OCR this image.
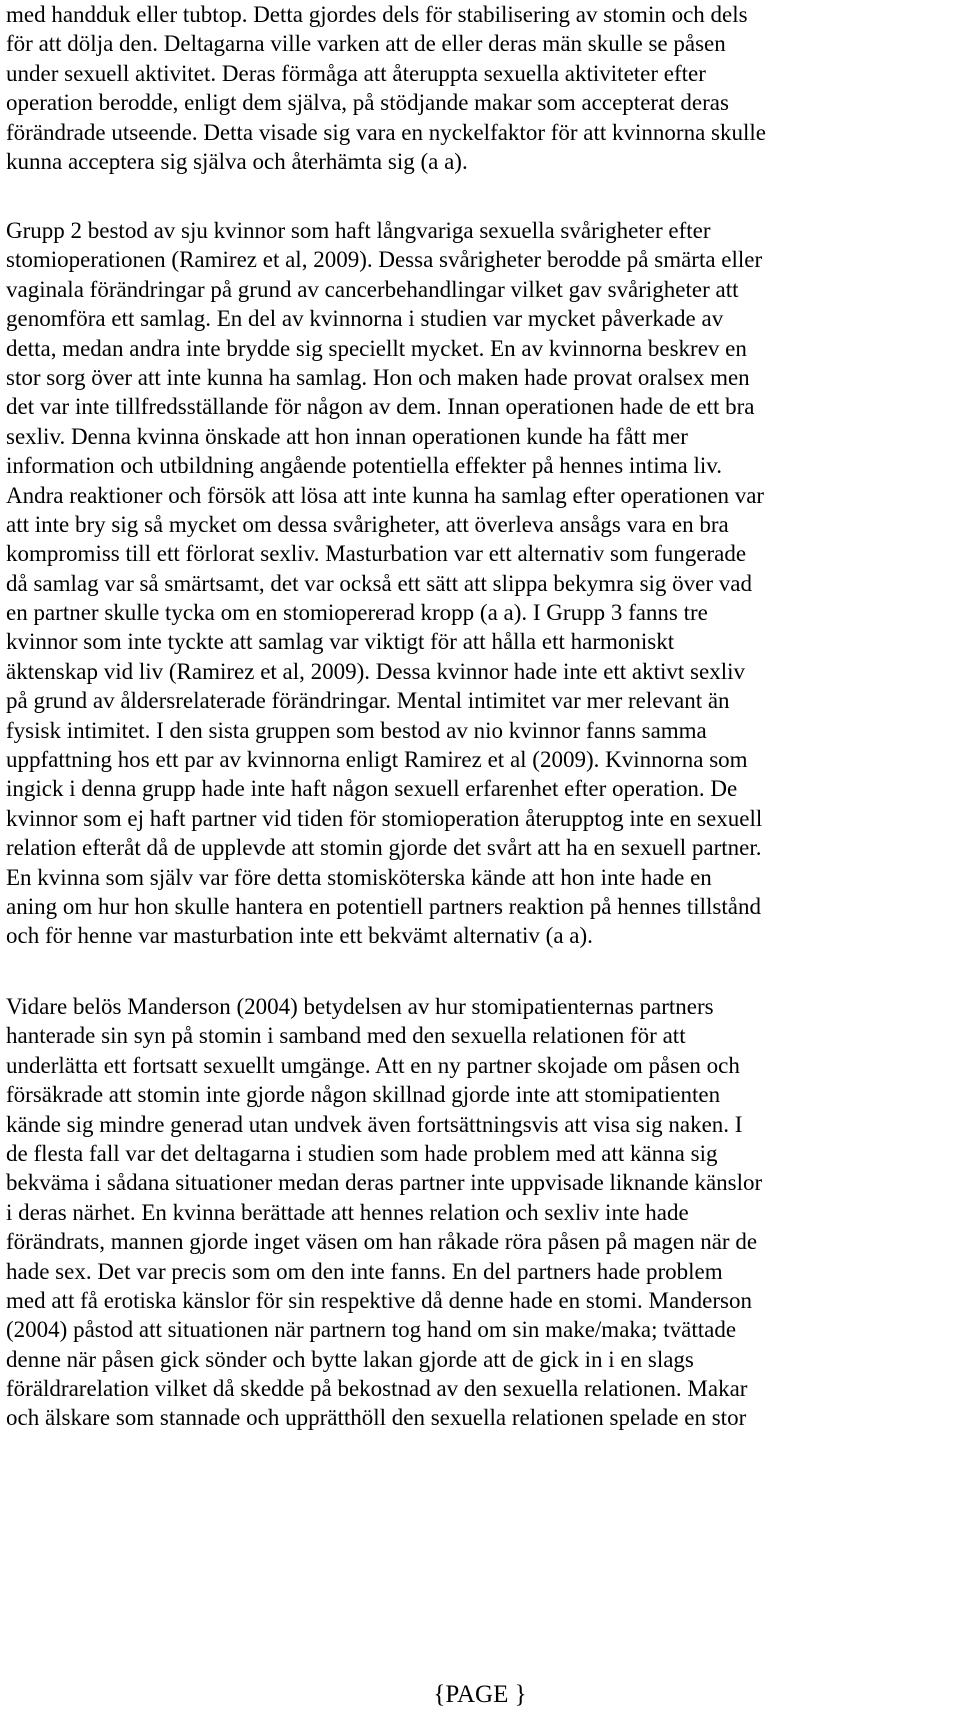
med handduk eller tubtop. Detta gjordes dels för stabilisering av stomin och dels
för att dölja den. Deltagarna ville varken att de eller deras män skulle se påsen
under sexuell aktivitet. Deras förmåga att återuppta sexuella aktiviteter efter
operation berodde, enligt dem själva, på stödjande makar som accepterat deras
förändrade utseende. Detta visade sig vara en nyckelfaktor för att kvinnorna skulle
kunna acceptera sig själva och återhämta sig (a a).
Grupp 2 bestod av sju kvinnor som haft långvariga sexuella svårigheter efter
stomioperationen (Ramirez et al, 2009). Dessa svårigheter berodde på smärta eller
vaginala förändringar på grund av cancerbehandlingar vilket gav svårigheter att
genomföra ett samlag. En del av kvinnorna i studien var mycket påverkade av
detta, medan andra inte brydde sig speciellt mycket. En av kvinnorna beskrev en
stor sorg över att inte kunna ha samlag. Hon och maken hade provat oralsex men
det var inte tillfredsställande för någon av dem. Innan operationen hade de ett bra
sexliv. Denna kvinna önskade att hon innan operationen kunde ha fått mer
information och utbildning angående potentiella effekter på hennes intima liv.
Andra reaktioner och försök att lösa att inte kunna ha samlag efter operationen var
att inte bry sig så mycket om dessa svårigheter, att överleva ansågs vara en bra
kompromiss till ett förlorat sexliv. Masturbation var ett alternativ som fungerade
då samlag var så smärtsamt, det var också ett sätt att slippa bekymra sig över vad
en partner skulle tycka om en stomiopererad kropp (a a). I Grupp 3 fanns tre
kvinnor som inte tyckte att samlag var viktigt för att hålla ett harmoniskt
äktenskap vid liv (Ramirez et al, 2009). Dessa kvinnor hade inte ett aktivt sexliv
på grund av åldersrelaterade förändringar. Mental intimitet var mer relevant än
fysisk intimitet. I den sista gruppen som bestod av nio kvinnor fanns samma
uppfattning hos ett par av kvinnorna enligt Ramirez et al (2009). Kvinnorna som
ingick i denna grupp hade inte haft någon sexuell erfarenhet efter operation. De
kvinnor som ej haft partner vid tiden för stomioperation återupptog inte en sexuell
relation efteråt då de upplevde att stomin gjorde det svårt att ha en sexuell partner.
En kvinna som själv var före detta stomisköterska kände att hon inte hade en
aning om hur hon skulle hantera en potentiell partners reaktion på hennes tillstånd
och för henne var masturbation inte ett bekvämt alternativ (a a).
Vidare belös Manderson (2004) betydelsen av hur stomipatienternas partners
hanterade sin syn på stomin i samband med den sexuella relationen för att
underlätta ett fortsatt sexuellt umgänge. Att en ny partner skojade om påsen och
försäkrade att stomin inte gjorde någon skillnad gjorde inte att stomipatienten
kände sig mindre generad utan undvek även fortsättningsvis att visa sig naken. I
de flesta fall var det deltagarna i studien som hade problem med att känna sig
bekväma i sådana situationer medan deras partner inte uppvisade liknande känslor
i deras närhet. En kvinna berättade att hennes relation och sexliv inte hade
förändrats, mannen gjorde inget väsen om han råkade röra påsen på magen när de
hade sex. Det var precis som om den inte fanns. En del partners hade problem
med att få erotiska känslor för sin respektive då denne hade en stomi. Manderson
(2004) påstod att situationen när partnern tog hand om sin make/maka; tvättade
denne när påsen gick sönder och bytte lakan gjorde att de gick in i en slags
föräldrarelation vilket då skedde på bekostnad av den sexuella relationen. Makar
och älskare som stannade och upprätthöll den sexuella relationen spelade en stor
{PAGE }
